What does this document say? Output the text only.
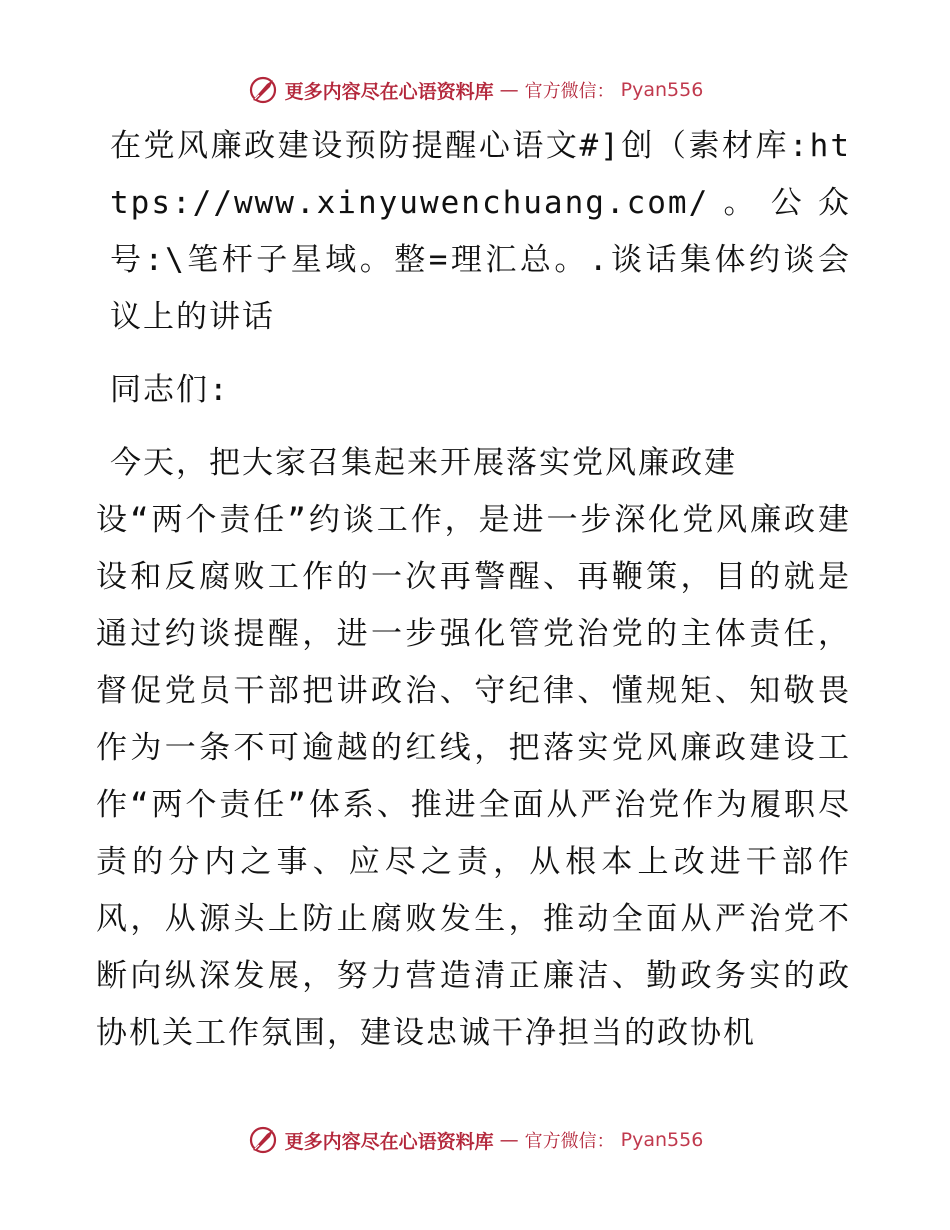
更多内容尽在心语资料库 — 官方微信： Pyan556

在党风廉政建设预防提醒心语文#]创（素材库:https://www.xinyuwenchuang.com/。公众号:\笔杆子星域。整=理汇总。.谈话集体约谈会议上的讲话

同志们:

今天，把大家召集起来开展落实党风廉政建

设“两个责任”约谈工作，是进一步深化党风廉政建设和反腐败工作的一次再警醒、再鞭策，目的就是通过约谈提醒，进一步强化管党治党的主体责任，督促党员干部把讲政治、守纪律、懂规矩、知敬畏作为一条不可逾越的红线，把落实党风廉政建设工作“两个责任”体系、推进全面从严治党作为履职尽责的分内之事、应尽之责，从根本上改进干部作风，从源头上防止腐败发生，推动全面从严治党不断向纵深发展，努力营造清正廉洁、勤政务实的政协机关工作氛围，建设忠诚干净担当的政协机

更多内容尽在心语资料库 — 官方微信： Pyan556
